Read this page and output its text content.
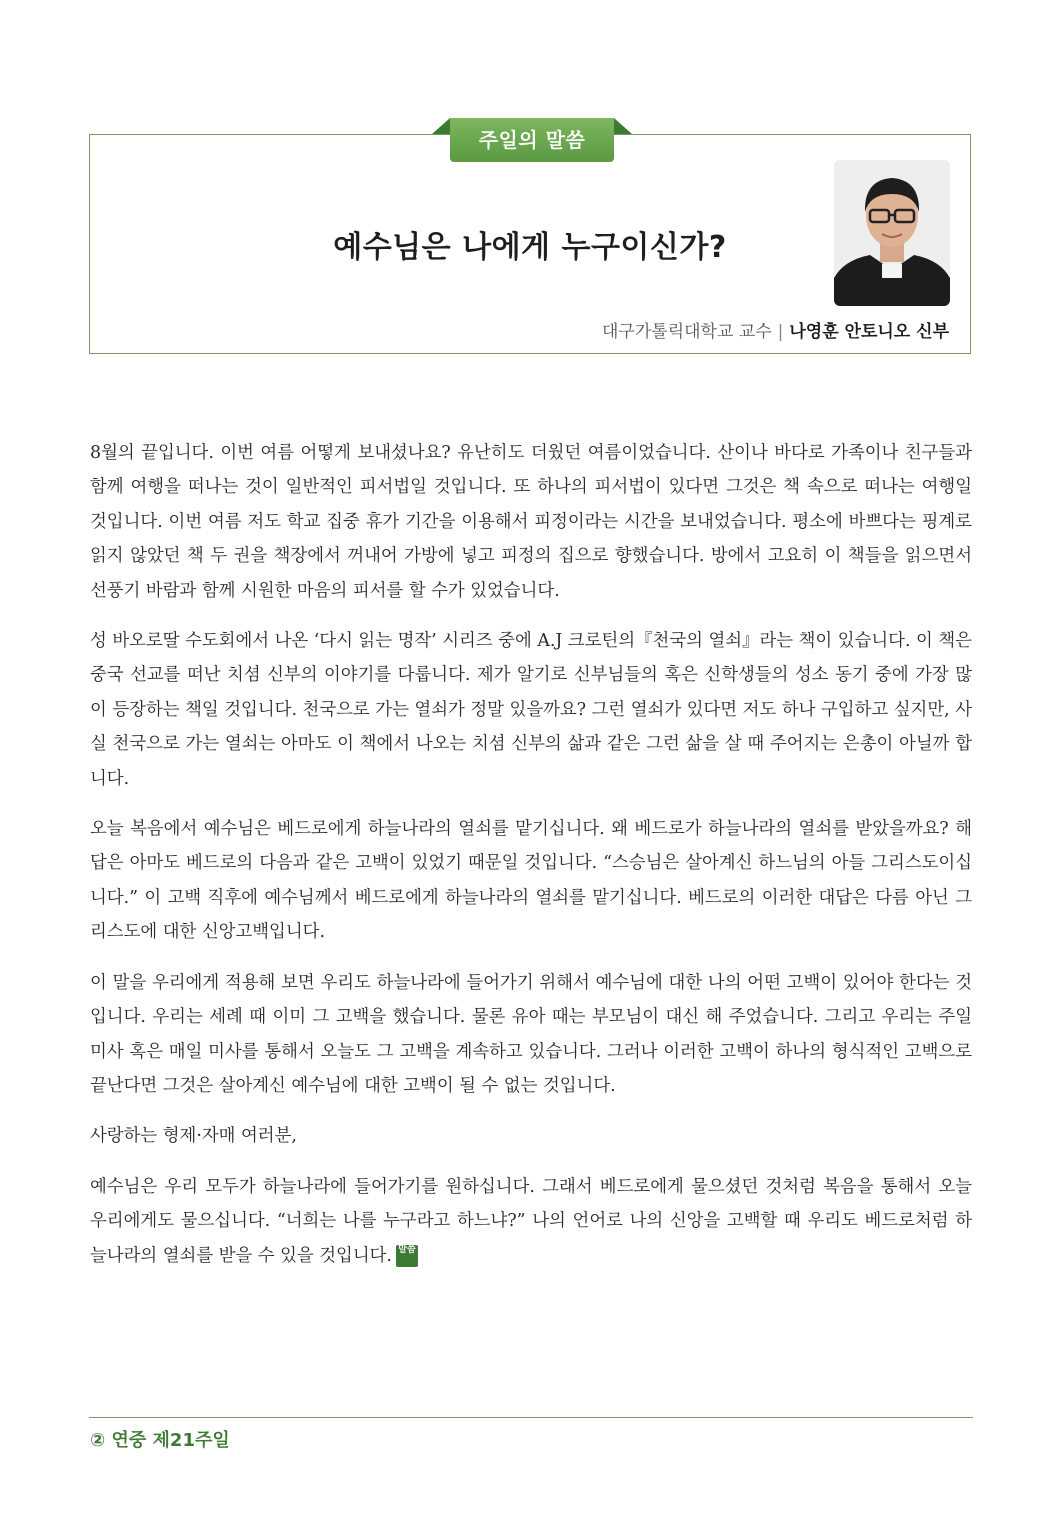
주일의 말씀
예수님은 나에게 누구이신가?
대구가톨릭대학교 교수 | 나영훈 안토니오 신부

8월의 끝입니다. 이번 여름 어떻게 보내셨나요? 유난히도 더웠던 여름이었습니다. 산이나 바다로 가족이나 친구들과 함께 여행을 떠나는 것이 일반적인 피서법일 것입니다. 또 하나의 피서법이 있다면 그것은 책 속으로 떠나는 여행일 것입니다. 이번 여름 저도 학교 집중 휴가 기간을 이용해서 피정이라는 시간을 보내었습니다. 평소에 바쁘다는 핑계로 읽지 않았던 책 두 권을 책장에서 꺼내어 가방에 넣고 피정의 집으로 향했습니다. 방에서 고요히 이 책들을 읽으면서 선풍기 바람과 함께 시원한 마음의 피서를 할 수가 있었습니다.

성 바오로딸 수도회에서 나온 ‘다시 읽는 명작’ 시리즈 중에 A.J 크로틴의『천국의 열쇠』라는 책이 있습니다. 이 책은 중국 선교를 떠난 치셤 신부의 이야기를 다룹니다. 제가 알기로 신부님들의 혹은 신학생들의 성소 동기 중에 가장 많이 등장하는 책일 것입니다. 천국으로 가는 열쇠가 정말 있을까요? 그런 열쇠가 있다면 저도 하나 구입하고 싶지만, 사실 천국으로 가는 열쇠는 아마도 이 책에서 나오는 치셤 신부의 삶과 같은 그런 삶을 살 때 주어지는 은총이 아닐까 합니다.

오늘 복음에서 예수님은 베드로에게 하늘나라의 열쇠를 맡기십니다. 왜 베드로가 하늘나라의 열쇠를 받았을까요? 해답은 아마도 베드로의 다음과 같은 고백이 있었기 때문일 것입니다. “스승님은 살아계신 하느님의 아들 그리스도이십니다.” 이 고백 직후에 예수님께서 베드로에게 하늘나라의 열쇠를 맡기십니다. 베드로의 이러한 대답은 다름 아닌 그리스도에 대한 신앙고백입니다.

이 말을 우리에게 적용해 보면 우리도 하늘나라에 들어가기 위해서 예수님에 대한 나의 어떤 고백이 있어야 한다는 것입니다. 우리는 세례 때 이미 그 고백을 했습니다. 물론 유아 때는 부모님이 대신 해 주었습니다. 그리고 우리는 주일 미사 혹은 매일 미사를 통해서 오늘도 그 고백을 계속하고 있습니다. 그러나 이러한 고백이 하나의 형식적인 고백으로 끝난다면 그것은 살아계신 예수님에 대한 고백이 될 수 없는 것입니다.

사랑하는 형제·자매 여러분,

예수님은 우리 모두가 하늘나라에 들어가기를 원하십니다. 그래서 베드로에게 물으셨던 것처럼 복음을 통해서 오늘 우리에게도 물으십니다. “너희는 나를 누구라고 하느냐?” 나의 언어로 나의 신앙을 고백할 때 우리도 베드로처럼 하늘나라의 열쇠를 받을 수 있을 것입니다. 말씀

② 연중 제21주일
